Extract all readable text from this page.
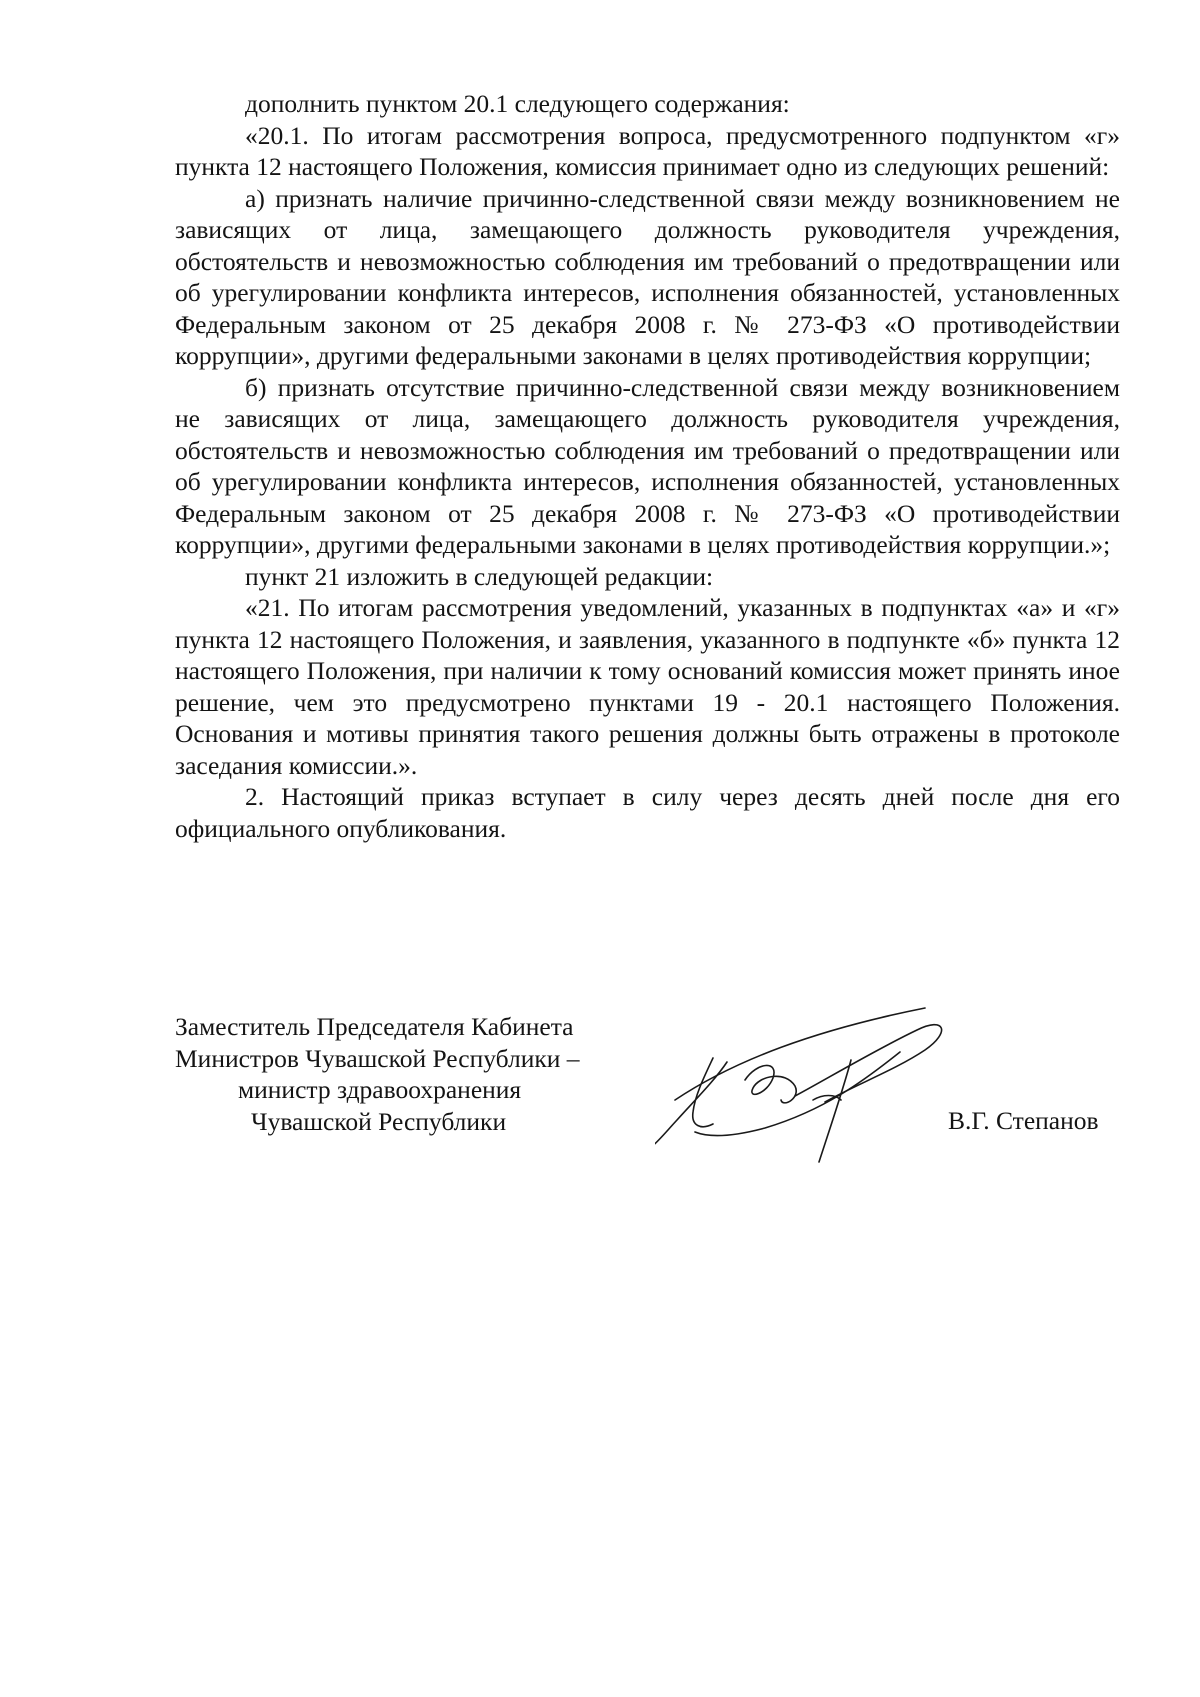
дополнить пунктом 20.1 следующего содержания:

«20.1. По итогам рассмотрения вопроса, предусмотренного подпунктом «г» пункта 12 настоящего Положения, комиссия принимает одно из следующих решений:

а) признать наличие причинно-следственной связи между возникновением не зависящих от лица, замещающего должность руководителя учреждения, обстоятельств и невозможностью соблюдения им требований о предотвращении или об урегулировании конфликта интересов, исполнения обязанностей, установленных Федеральным законом от 25 декабря 2008 г. № 273-ФЗ «О противодействии коррупции», другими федеральными законами в целях противодействия коррупции;

б) признать отсутствие причинно-следственной связи между возникновением не зависящих от лица, замещающего должность руководителя учреждения, обстоятельств и невозможностью соблюдения им требований о предотвращении или об урегулировании конфликта интересов, исполнения обязанностей, установленных Федеральным законом от 25 декабря 2008 г. № 273-ФЗ «О противодействии коррупции», другими федеральными законами в целях противодействия коррупции.»;

пункт 21 изложить в следующей редакции:

«21. По итогам рассмотрения уведомлений, указанных в подпунктах «а» и «г» пункта 12 настоящего Положения, и заявления, указанного в подпункте «б» пункта 12 настоящего Положения, при наличии к тому оснований комиссия может принять иное решение, чем это предусмотрено пунктами 19 - 20.1 настоящего Положения. Основания и мотивы принятия такого решения должны быть отражены в протоколе заседания комиссии.».

2. Настоящий приказ вступает в силу через десять дней после дня его официального опубликования.

Заместитель Председателя Кабинета
Министров Чувашской Республики –
министр здравоохранения
Чувашской Республики	В.Г. Степанов
